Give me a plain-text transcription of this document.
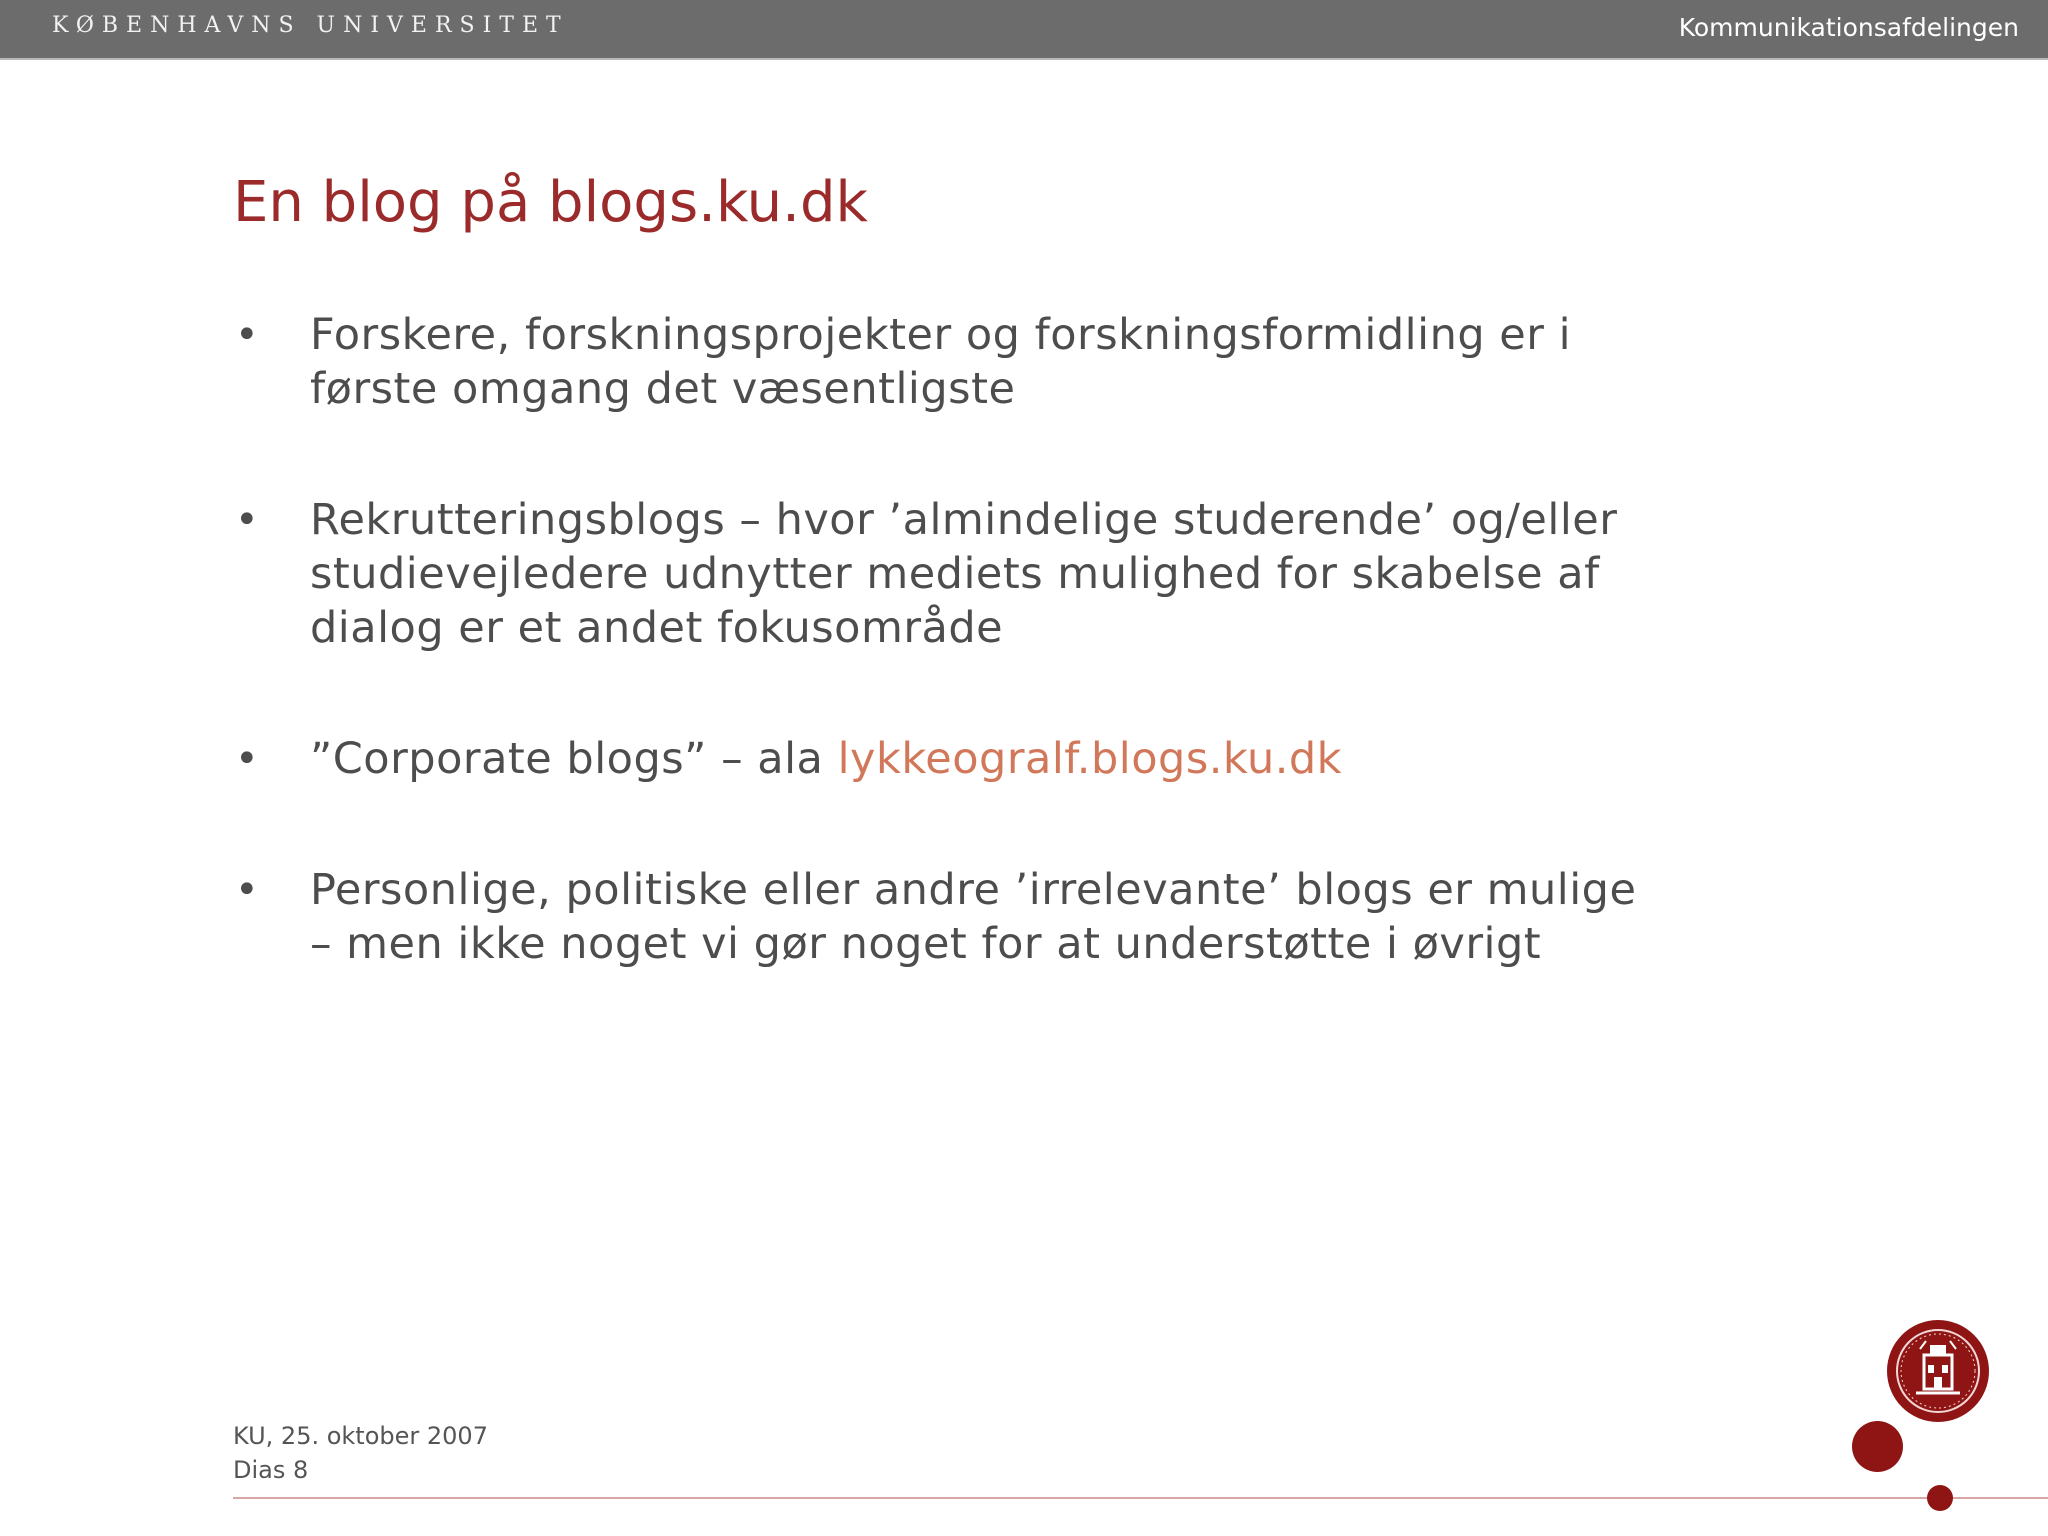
KØBENHAVNS UNIVERSITET	Kommunikationsafdelingen
En blog på blogs.ku.dk
• Forskere, forskningsprojekter og forskningsformidling er i
første omgang det væsentligste
• Rekrutteringsblogs – hvor ’almindelige studerende’ og/eller
studievejledere udnytter mediets mulighed for skabelse af
dialog er et andet fokusområde
• ”Corporate blogs” – ala lykkeogralf.blogs.ku.dk
• Personlige, politiske eller andre ’irrelevante’ blogs er mulige
– men ikke noget vi gør noget for at understøtte i øvrigt
KU, 25. oktober 2007
Dias 8
